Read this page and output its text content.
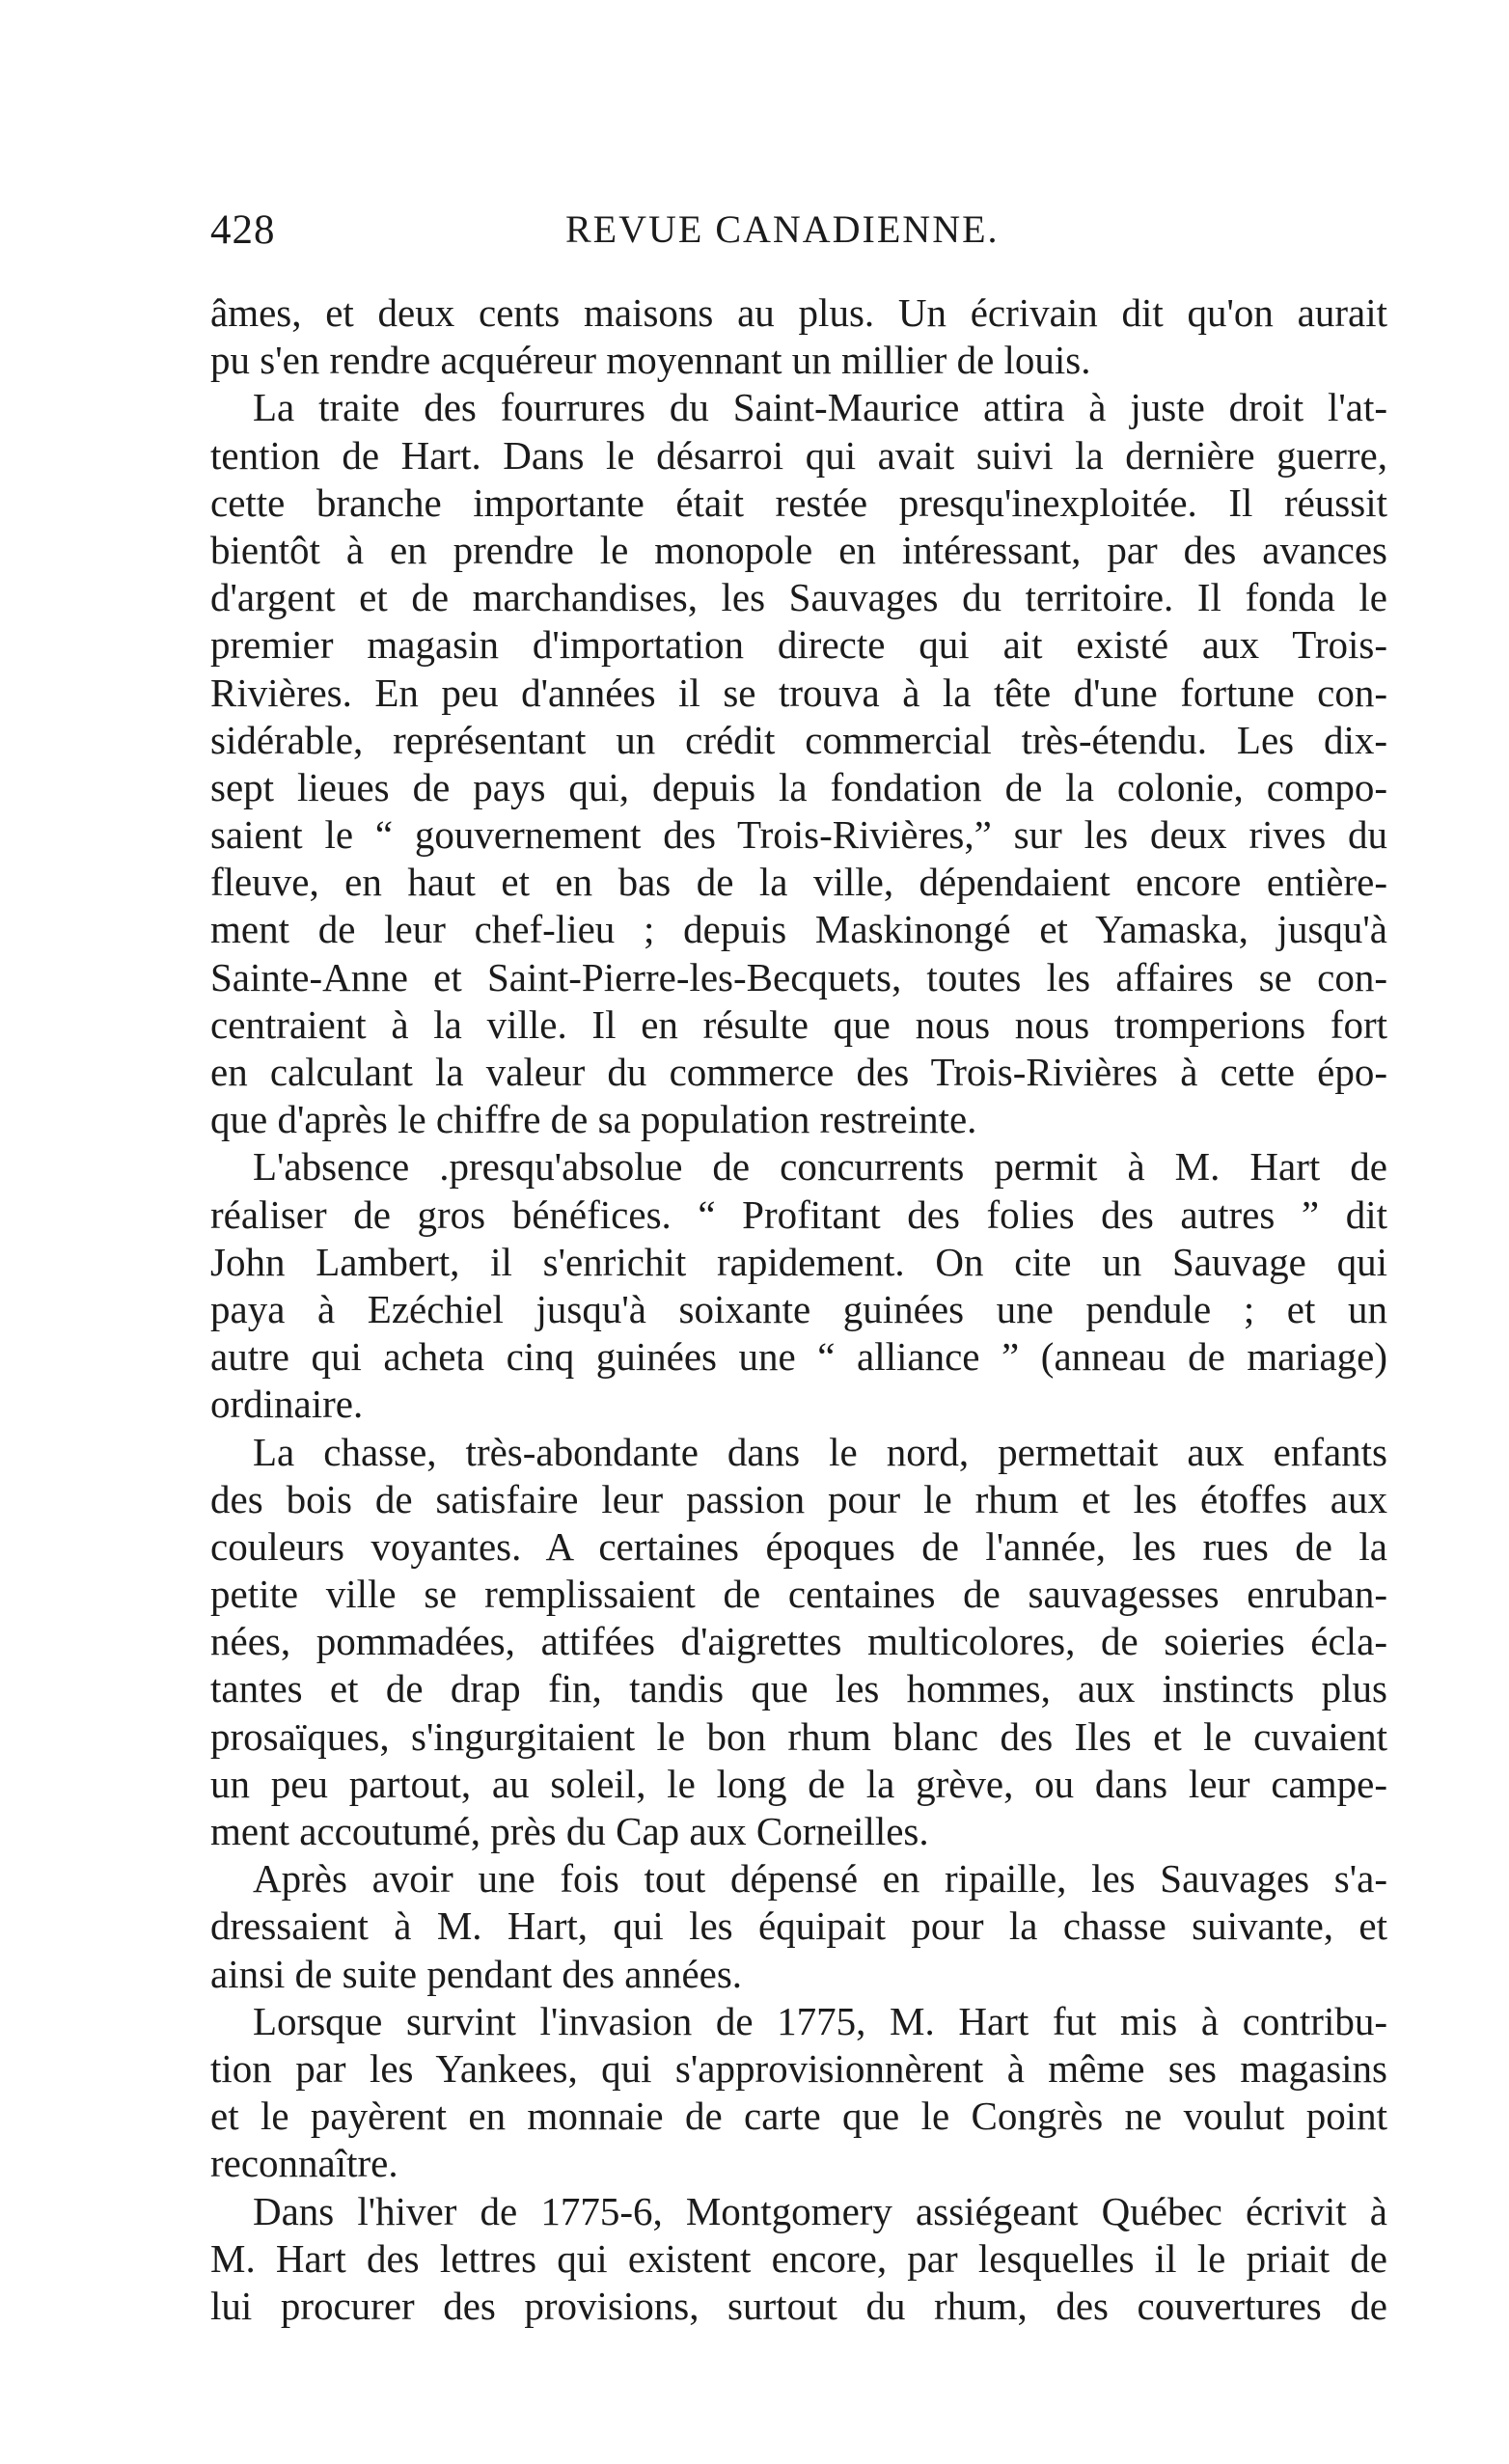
428	REVUE CANADIENNE.
âmes, et deux cents maisons au plus. Un écrivain dit qu'on aurait
pu s'en rendre acquéreur moyennant un millier de louis.
La traite des fourrures du Saint-Maurice attira à juste droit l'at-
tention de Hart. Dans le désarroi qui avait suivi la dernière guerre,
cette branche importante était restée presqu'inexploitée. Il réussit
bientôt à en prendre le monopole en intéressant, par des avances
d'argent et de marchandises, les Sauvages du territoire. Il fonda le
premier magasin d'importation directe qui ait existé aux Trois-
Rivières. En peu d'années il se trouva à la tête d'une fortune con-
sidérable, représentant un crédit commercial très-étendu. Les dix-
sept lieues de pays qui, depuis la fondation de la colonie, compo-
saient le “ gouvernement des Trois-Rivières,” sur les deux rives du
fleuve, en haut et en bas de la ville, dépendaient encore entière-
ment de leur chef-lieu ; depuis Maskinongé et Yamaska, jusqu'à
Sainte-Anne et Saint-Pierre-les-Becquets, toutes les affaires se con-
centraient à la ville. Il en résulte que nous nous tromperions fort
en calculant la valeur du commerce des Trois-Rivières à cette épo-
que d'après le chiffre de sa population restreinte.
L'absence .presqu'absolue de concurrents permit à M. Hart de
réaliser de gros bénéfices. “ Profitant des folies des autres ” dit
John Lambert, il s'enrichit rapidement. On cite un Sauvage qui
paya à Ezéchiel jusqu'à soixante guinées une pendule ; et un
autre qui acheta cinq guinées une “ alliance ” (anneau de mariage)
ordinaire.
La chasse, très-abondante dans le nord, permettait aux enfants
des bois de satisfaire leur passion pour le rhum et les étoffes aux
couleurs voyantes. A certaines époques de l'année, les rues de la
petite ville se remplissaient de centaines de sauvagesses enruban-
nées, pommadées, attifées d'aigrettes multicolores, de soieries écla-
tantes et de drap fin, tandis que les hommes, aux instincts plus
prosaïques, s'ingurgitaient le bon rhum blanc des Iles et le cuvaient
un peu partout, au soleil, le long de la grève, ou dans leur campe-
ment accoutumé, près du Cap aux Corneilles.
Après avoir une fois tout dépensé en ripaille, les Sauvages s'a-
dressaient à M. Hart, qui les équipait pour la chasse suivante, et
ainsi de suite pendant des années.
Lorsque survint l'invasion de 1775, M. Hart fut mis à contribu-
tion par les Yankees, qui s'approvisionnèrent à même ses magasins
et le payèrent en monnaie de carte que le Congrès ne voulut point
reconnaître.
Dans l'hiver de 1775-6, Montgomery assiégeant Québec écrivit à
M. Hart des lettres qui existent encore, par lesquelles il le priait de
lui procurer des provisions, surtout du rhum, des couvertures de
